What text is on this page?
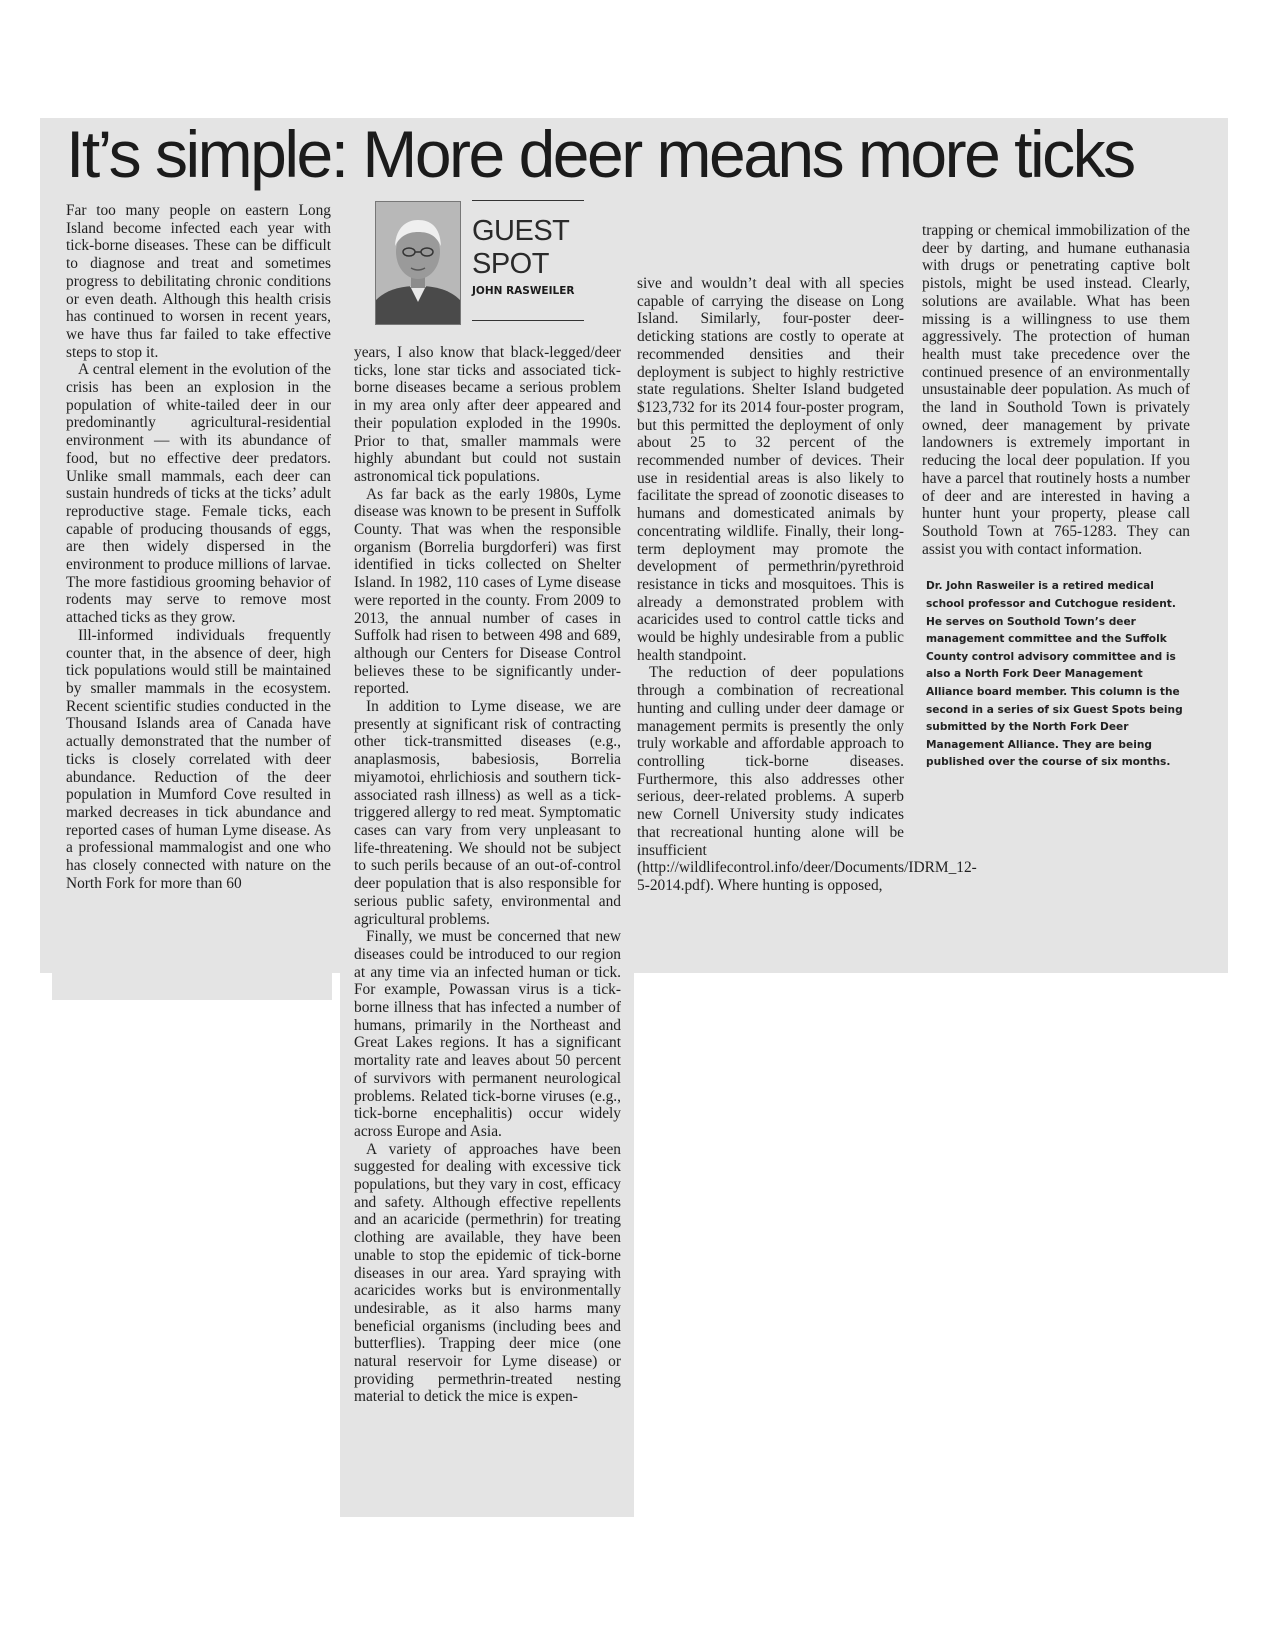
It’s simple: More deer means more ticks

Far too many people on eastern Long Island become infected each year with tick-borne diseases. These can be difficult to diagnose and treat and sometimes progress to debilitating chronic conditions or even death. Although this health crisis has continued to worsen in recent years, we have thus far failed to take effective steps to stop it.

A central element in the evolution of the crisis has been an explosion in the population of white-tailed deer in our predominantly agricultural-residential environment — with its abundance of food, but no effective deer predators. Unlike small mammals, each deer can sustain hundreds of ticks at the ticks’ adult reproductive stage. Female ticks, each capable of producing thousands of eggs, are then widely dispersed in the environment to produce millions of larvae. The more fastidious grooming behavior of rodents may serve to remove most attached ticks as they grow.

Ill-informed individuals frequently counter that, in the absence of deer, high tick populations would still be maintained by smaller mammals in the ecosystem. Recent scientific studies conducted in the Thousand Islands area of Canada have actually demonstrated that the number of ticks is closely correlated with deer abundance. Reduction of the deer population in Mumford Cove resulted in marked decreases in tick abundance and reported cases of human Lyme disease. As a professional mammalogist and one who has closely connected with nature on the North Fork for more than 60

GUEST
SPOT
JOHN RASWEILER

years, I also know that black-legged/deer ticks, lone star ticks and associated tick-borne diseases became a serious problem in my area only after deer appeared and their population exploded in the 1990s. Prior to that, smaller mammals were highly abundant but could not sustain astronomical tick populations.

As far back as the early 1980s, Lyme disease was known to be present in Suffolk County. That was when the responsible organism (Borrelia burgdorferi) was first identified in ticks collected on Shelter Island. In 1982, 110 cases of Lyme disease were reported in the county. From 2009 to 2013, the annual number of cases in Suffolk had risen to between 498 and 689, although our Centers for Disease Control believes these to be significantly under-reported.

In addition to Lyme disease, we are presently at significant risk of contracting other tick-transmitted diseases (e.g., anaplasmosis, babesiosis, Borrelia miyamotoi, ehrlichiosis and southern tick-associated rash illness) as well as a tick-triggered allergy to red meat. Symptomatic cases can vary from very unpleasant to life-threatening. We should not be subject to such perils because of an out-of-control deer population that is also responsible for serious public safety, environmental and agricultural problems.

Finally, we must be concerned that new diseases could be introduced to our region at any time via an infected human or tick. For example, Powassan virus is a tick-borne illness that has infected a number of humans, primarily in the Northeast and Great Lakes regions. It has a significant mortality rate and leaves about 50 percent of survivors with permanent neurological problems. Related tick-borne viruses (e.g., tick-borne encephalitis) occur widely across Europe and Asia.

A variety of approaches have been suggested for dealing with excessive tick populations, but they vary in cost, efficacy and safety. Although effective repellents and an acaricide (permethrin) for treating clothing are available, they have been unable to stop the epidemic of tick-borne diseases in our area. Yard spraying with acaricides works but is environmentally undesirable, as it also harms many beneficial organisms (including bees and butterflies). Trapping deer mice (one natural reservoir for Lyme disease) or providing permethrin-treated nesting material to detick the mice is expen-

sive and wouldn’t deal with all species capable of carrying the disease on Long Island. Similarly, four-poster deer-deticking stations are costly to operate at recommended densities and their deployment is subject to highly restrictive state regulations. Shelter Island budgeted $123,732 for its 2014 four-poster program, but this permitted the deployment of only about 25 to 32 percent of the recommended number of devices. Their use in residential areas is also likely to facilitate the spread of zoonotic diseases to humans and domesticated animals by concentrating wildlife. Finally, their long-term deployment may promote the development of permethrin/pyrethroid resistance in ticks and mosquitoes. This is already a demonstrated problem with acaricides used to control cattle ticks and would be highly undesirable from a public health standpoint.

The reduction of deer populations through a combination of recreational hunting and culling under deer damage or management permits is presently the only truly workable and affordable approach to controlling tick-borne diseases. Furthermore, this also addresses other serious, deer-related problems. A superb new Cornell University study indicates that recreational hunting alone will be insufficient (http://wildlifecontrol.info/deer/Documents/IDRM_12-5-2014.pdf). Where hunting is opposed,

trapping or chemical immobilization of the deer by darting, and humane euthanasia with drugs or penetrating captive bolt pistols, might be used instead. Clearly, solutions are available. What has been missing is a willingness to use them aggressively. The protection of human health must take precedence over the continued presence of an environmentally unsustainable deer population. As much of the land in Southold Town is privately owned, deer management by private landowners is extremely important in reducing the local deer population. If you have a parcel that routinely hosts a number of deer and are interested in having a hunter hunt your property, please call Southold Town at 765-1283. They can assist you with contact information.

Dr. John Rasweiler is a retired medical school professor and Cutchogue resident. He serves on Southold Town’s deer management committee and the Suffolk County control advisory committee and is also a North Fork Deer Management Alliance board member. This column is the second in a series of six Guest Spots being submitted by the North Fork Deer Management Alliance. They are being published over the course of six months.
